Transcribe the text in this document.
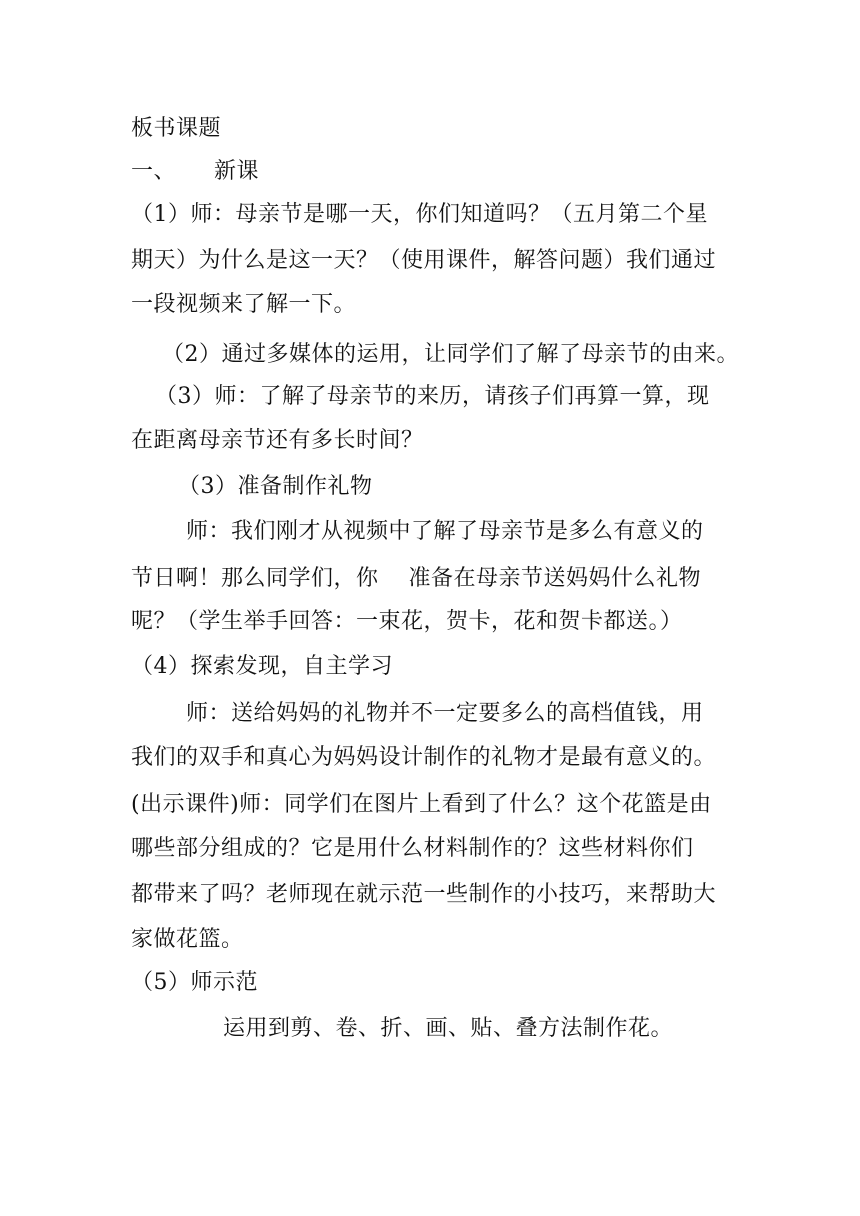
板书课题
一、 新课
（1）师：母亲节是哪一天，你们知道吗？（五月第二个星
期天）为什么是这一天？（使用课件，解答问题）我们通过
一段视频来了解一下。
（2）通过多媒体的运用，让同学们了解了母亲节的由来。
（3）师：了解了母亲节的来历，请孩子们再算一算，现
在距离母亲节还有多长时间？
（3）准备制作礼物
师：我们刚才从视频中了解了母亲节是多么有意义的
节日啊！那么同学们，你 准备在母亲节送妈妈什么礼物
呢？（学生举手回答：一束花，贺卡，花和贺卡都送。）
（4）探索发现，自主学习
师：送给妈妈的礼物并不一定要多么的高档值钱，用
我们的双手和真心为妈妈设计制作的礼物才是最有意义的。
(出示课件)师：同学们在图片上看到了什么？这个花篮是由
哪些部分组成的？它是用什么材料制作的？这些材料你们
都带来了吗？老师现在就示范一些制作的小技巧，来帮助大
家做花篮。
（5）师示范
运用到剪、卷、折、画、贴、叠方法制作花。
